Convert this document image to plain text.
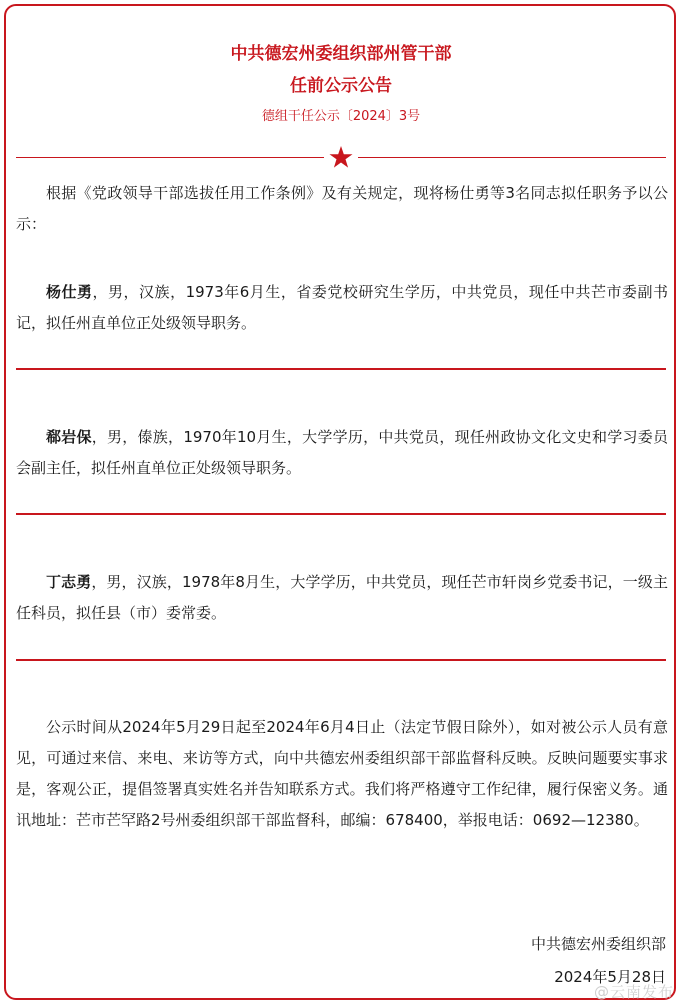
中共德宏州委组织部州管干部
任前公示公告
德组干任公示〔2024〕3号

根据《党政领导干部选拔任用工作条例》及有关规定，现将杨仕勇等3名同志拟任职务予以公示：

杨仕勇，男，汉族，1973年6月生，省委党校研究生学历，中共党员，现任中共芒市委副书记，拟任州直单位正处级领导职务。

郗岩保，男，傣族，1970年10月生，大学学历，中共党员，现任州政协文化文史和学习委员会副主任，拟任州直单位正处级领导职务。

丁志勇，男，汉族，1978年8月生，大学学历，中共党员，现任芒市轩岗乡党委书记，一级主任科员，拟任县（市）委常委。

公示时间从2024年5月29日起至2024年6月4日止（法定节假日除外），如对被公示人员有意见，可通过来信、来电、来访等方式，向中共德宏州委组织部干部监督科反映。反映问题要实事求是，客观公正，提倡签署真实姓名并告知联系方式。我们将严格遵守工作纪律，履行保密义务。通讯地址：芒市芒罕路2号州委组织部干部监督科，邮编：678400，举报电话：0692—12380。

中共德宏州委组织部
2024年5月28日
@云南发布
